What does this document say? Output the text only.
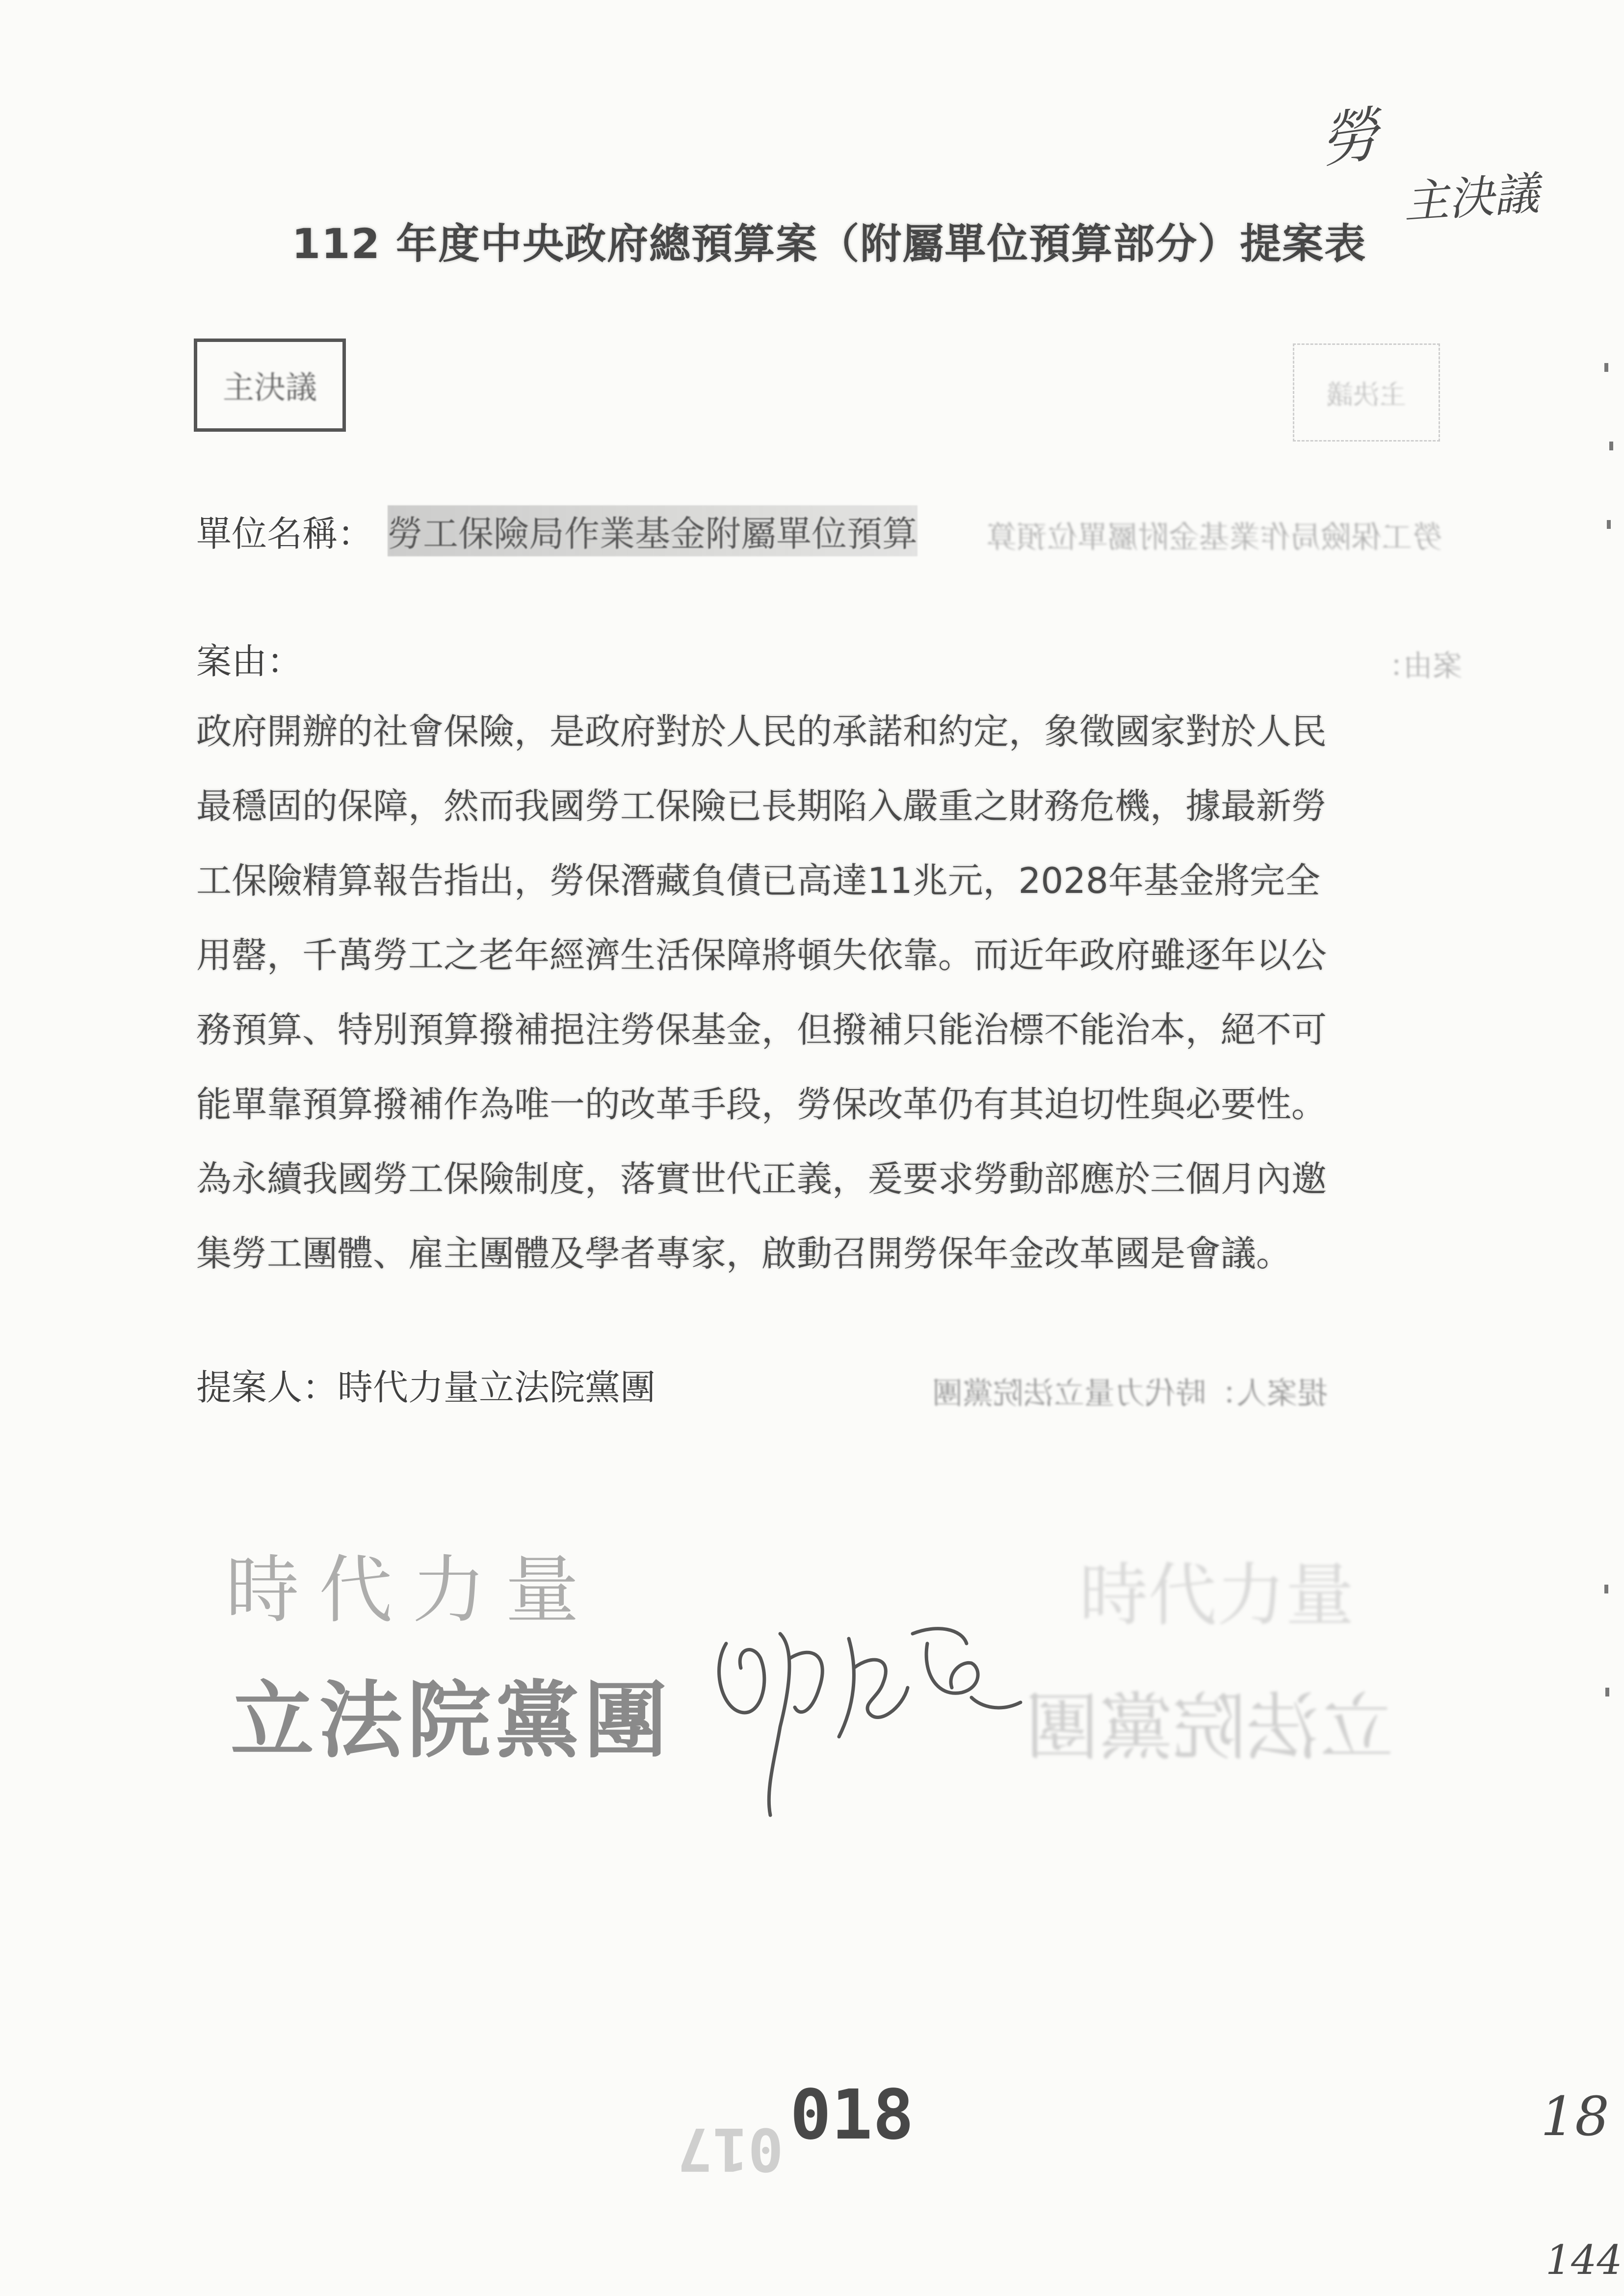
勞
主決議
112 年度中央政府總預算案（附屬單位預算部分）提案表
主決議	主決議
單位名稱： 勞工保險局作業基金附屬單位預算 勞工保險局作業基金附屬單位預算
案由：	案由：
政府開辦的社會保險，是政府對於人民的承諾和約定，象徵國家對於人民
最穩固的保障，然而我國勞工保險已長期陷入嚴重之財務危機，據最新勞
工保險精算報告指出，勞保潛藏負債已高達11兆元，2028年基金將完全
用罄，千萬勞工之老年經濟生活保障將頓失依靠。而近年政府雖逐年以公
務預算、特別預算撥補挹注勞保基金，但撥補只能治標不能治本，絕不可
能單靠預算撥補作為唯一的改革手段，勞保改革仍有其迫切性與必要性。
為永續我國勞工保險制度，落實世代正義，爰要求勞動部應於三個月內邀
集勞工團體、雇主團體及學者專家，啟動召開勞保年金改革國是會議。
提案人：時代力量立法院黨團	提案人：時代力量立法院黨團
時代力量
立法院黨團
時代力量
立法院黨團
017 018	18
144
